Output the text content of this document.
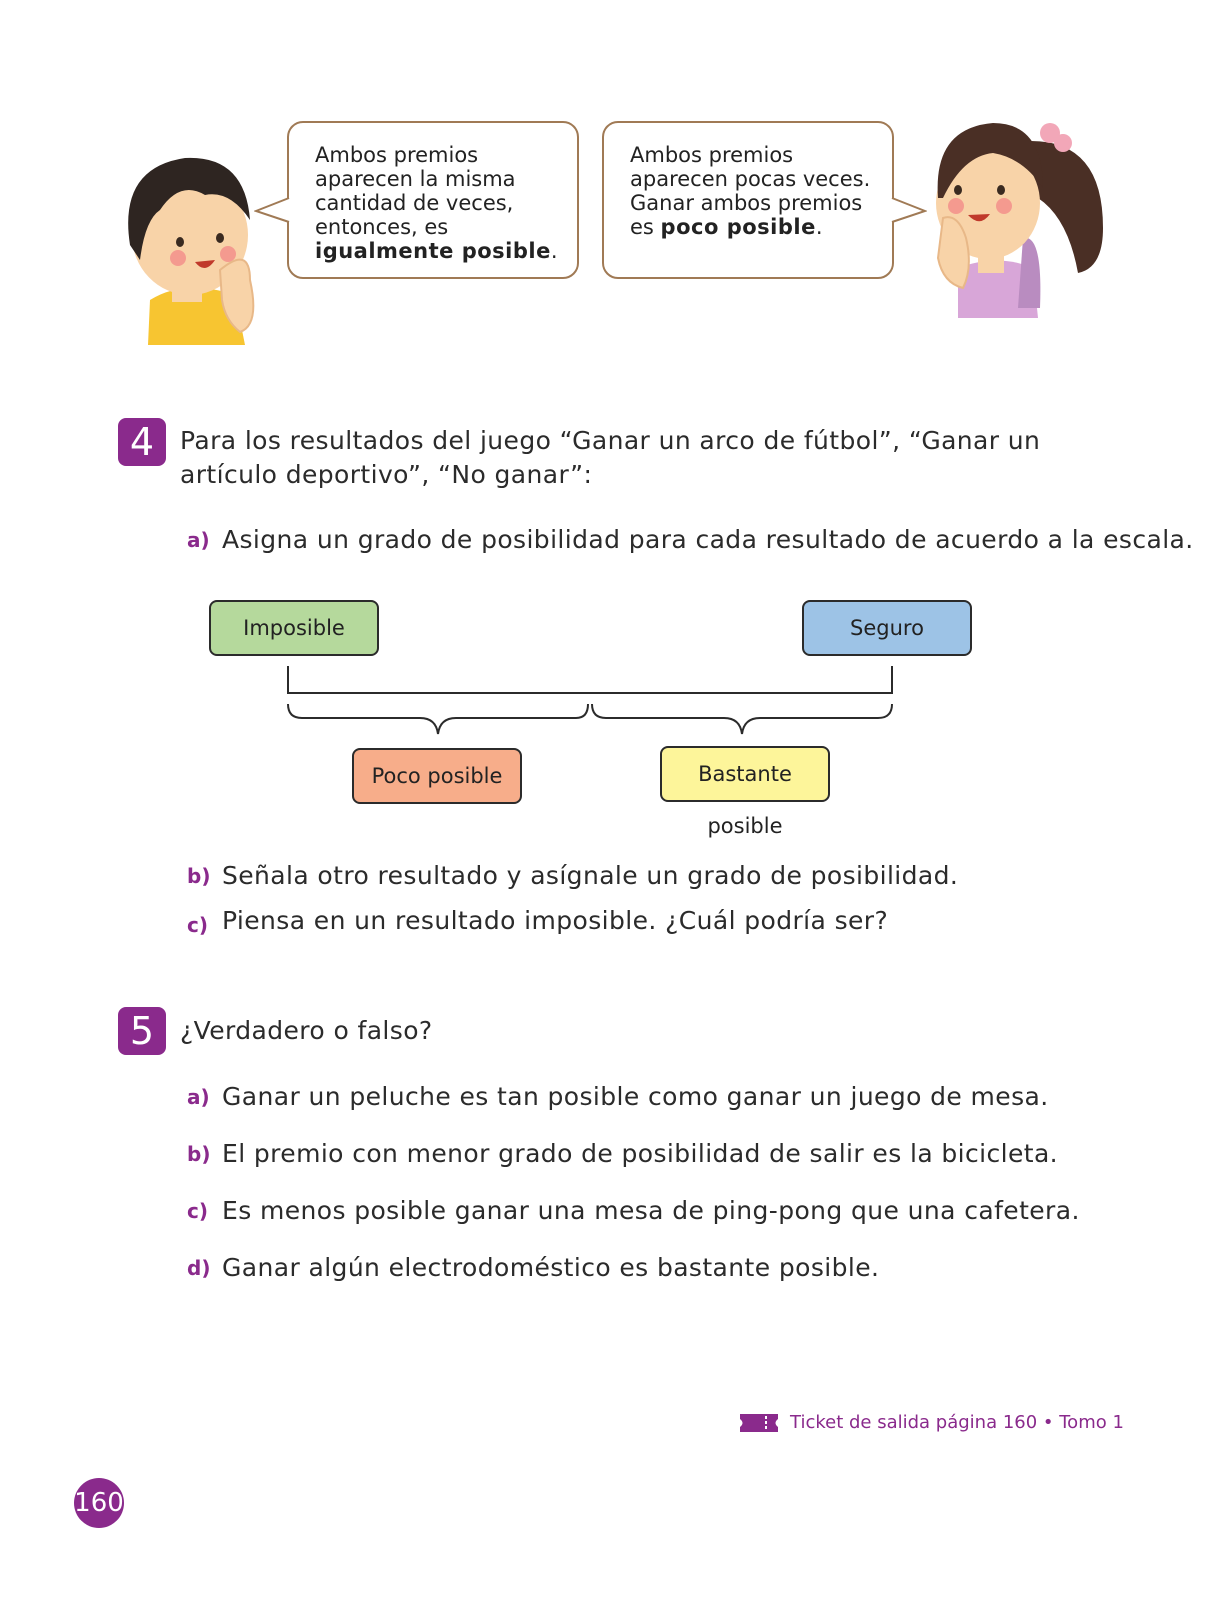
Ambos premios aparecen la misma cantidad de veces, entonces, es igualmente posible.
Ambos premios aparecen pocas veces. Ganar ambos premios es poco posible.
4	Para los resultados del juego “Ganar un arco de fútbol”, “Ganar un artículo deportivo”, “No ganar”:
a) Asigna un grado de posibilidad para cada resultado de acuerdo a la escala.
Imposible	Seguro
Poco posible	Bastante posible
b) Señala otro resultado y asígnale un grado de posibilidad.
c) Piensa en un resultado imposible. ¿Cuál podría ser?
5	¿Verdadero o falso?
a) Ganar un peluche es tan posible como ganar un juego de mesa.
b) El premio con menor grado de posibilidad de salir es la bicicleta.
c) Es menos posible ganar una mesa de ping-pong que una cafetera.
d) Ganar algún electrodoméstico es bastante posible.
Ticket de salida página 160 • Tomo 1
160
